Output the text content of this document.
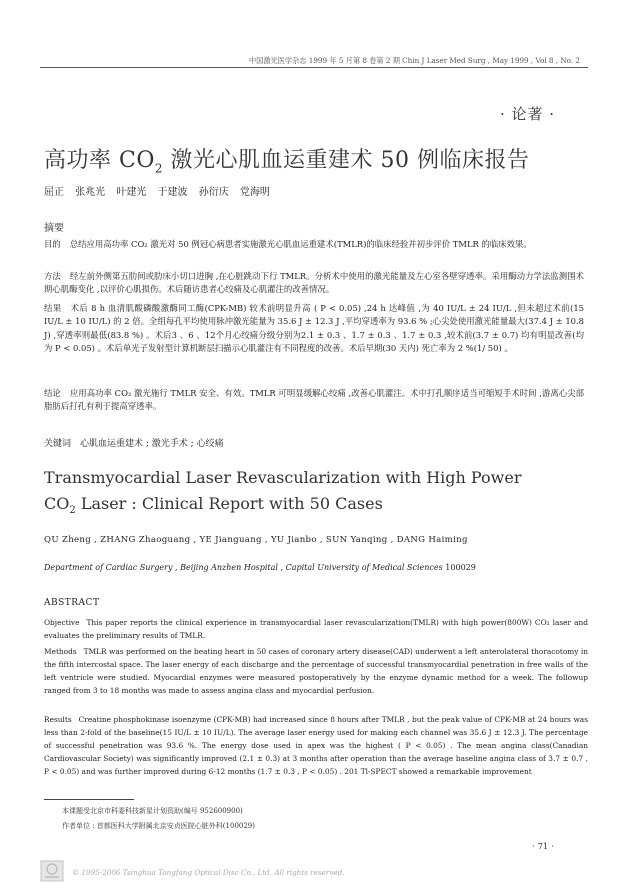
中国激光医学杂志 1999 年 5 月第 8 卷第 2 期 Chin J Laser Med Surg , May 1999 , Vol 8 , No. 2
· 论著 ·
高功率 $CO_2$ 激光心肌血运重建术 50 例临床报告
屈正 张兆光 叶建光 于建波 孙衍庆 党海明
摘要
目的 总结应用高功率 CO₂ 激光对 50 例冠心病患者实施激光心肌血运重建术(TMLR)的临床经验并初步评价 TMLR 的临床效果。
方法 经左前外侧第五肋间或肋床小切口进胸 ,在心脏跳动下行 TMLR。分析术中使用的激光能量及左心室各壁穿透率。采用酶动力学法监测围术期心肌酶变化 ,以评价心肌损伤。术后随访患者心绞痛及心肌灌注的改善情况。
结果 术后 8 h 血清肌酸磷酸激酶同工酶(CPK-MB) 较术前明显升高 ( P < 0.05) ,24 h 达峰值 ,为 40 IU/L ± 24 IU/L ,但未超过术前(15 IU/L ± 10 IU/L) 的 2 倍。全组每孔平均使用脉冲激光能量为 35.6 J ± 12.3 J ,平均穿透率为 93.6 % ;心尖处使用激光能量最大(37.4 J ± 10.8 J) ,穿透率则最低(83.8 %) 。术后3 、6 、12个月心绞痛分级分别为2.1 ± 0.3 、1.7 ± 0.3 、1.7 ± 0.3 ,较术前(3.7 ± 0.7) 均有明显改善(均为 P < 0.05) 。术后单光子发射型计算机断层扫描示心肌灌注有不同程度的改善。术后早期(30 天内) 死亡率为 2 %(1/ 50) 。
结论 应用高功率 CO₂ 激光施行 TMLR 安全、有效。TMLR 可明显缓解心绞痛 ,改善心肌灌注。术中打孔顺序适当可缩短手术时间 ,游离心尖部脂肪后打孔有利于提高穿透率。
关键词 心肌血运重建术 ; 激光手术 ; 心绞痛
Transmyocardial Laser Revascularization with High Power
$CO_2$ Laser : Clinical Report with 50 Cases
QU Zheng , ZHANG Zhaoguang , YE Jianguang , YU Jianbo , SUN Yanqing , DANG Haiming
Department of Cardiac Surgery , Beijing Anzhen Hospital , Capital University of Medical Sciences 100029
ABSTRACT
Objective This paper reports the clinical experience in transmyocardial laser revascularization(TMLR) with high power(800W) CO₂ laser and evaluates the preliminary results of TMLR.
Methods TMLR was performed on the beating heart in 50 cases of coronary artery disease(CAD) underwent a left anterolateral thoracotomy in the fifth intercostal space. The laser energy of each discharge and the percentage of successful transmyocardial penetration in free walls of the left ventricle were studied. Myocardial enzymes were measured postoperatively by the enzyme dynamic method for a week. The followup ranged from 3 to 18 months was made to assess angina class and myocardial perfusion.
Results Creatine phosphokinase isoenzyme (CPK-MB) had increased since 8 hours after TMLR , but the peak value of CPK-MB at 24 hours was less than 2-fold of the baseline(15 IU/L ± 10 IU/L). The average laser energy used for making each channel was 35.6 J ± 12.3 J. The percentage of successful penetration was 93.6 %. The energy dose used in apex was the highest ( P < 0.05) . The mean angina class(Canadian Cardiovascular Society) was significantly improved (2.1 ± 0.3) at 3 months after operation than the average baseline angina class of 3.7 ± 0.7 , P < 0.05) and was further improved during 6-12 months (1.7 ± 0.3 , P < 0.05) . 201 Tl-SPECT showed a remarkable improvement
本课题受北京市科委科技新星计划资助(编号 952600900)
作者单位 : 首都医科大学附属北京安贞医院心脏外科(100029)
· 71 ·
© 1995-2006 Tsinghua Tongfang Optical Disc Co., Ltd. All rights reserved.
